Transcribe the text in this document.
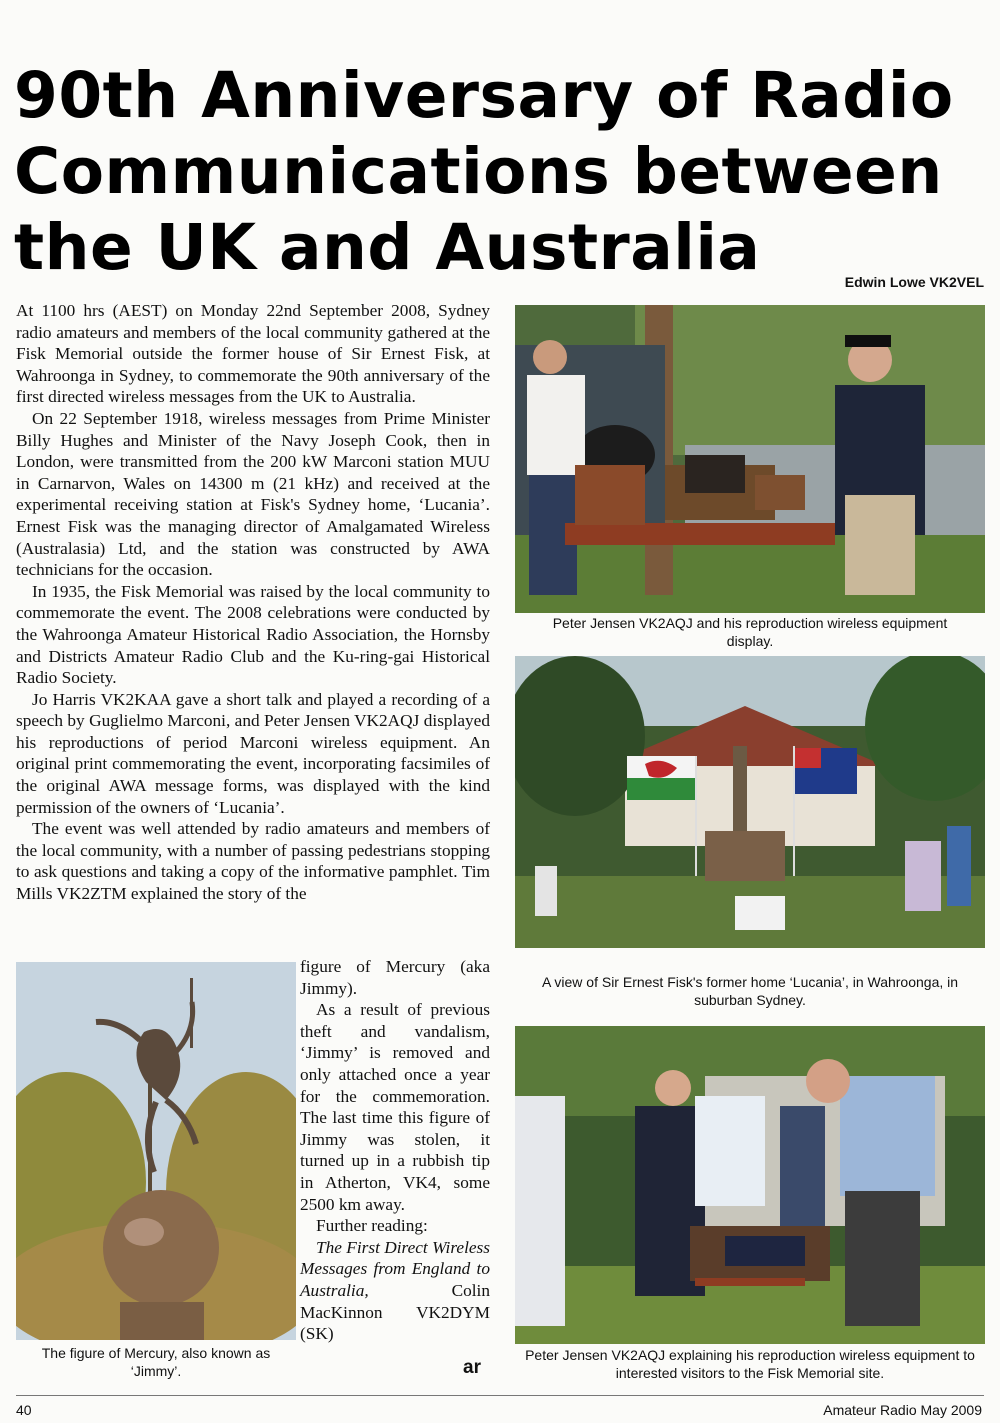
90th Anniversary of Radio Communications between the UK and Australia	Edwin Lowe VK2VEL

At 1100 hrs (AEST) on Monday 22nd September 2008, Sydney radio amateurs and members of the local community gathered at the Fisk Memorial outside the former house of Sir Ernest Fisk, at Wahroonga in Sydney, to commemorate the 90th anniversary of the first directed wireless messages from the UK to Australia.

On 22 September 1918, wireless messages from Prime Minister Billy Hughes and Minister of the Navy Joseph Cook, then in London, were transmitted from the 200 kW Marconi station MUU in Carnarvon, Wales on 14300 m (21 kHz) and received at the experimental receiving station at Fisk's Sydney home, ‘Lucania’. Ernest Fisk was the managing director of Amalgamated Wireless (Australasia) Ltd, and the station was constructed by AWA technicians for the occasion.

In 1935, the Fisk Memorial was raised by the local community to commemorate the event. The 2008 celebrations were conducted by the Wahroonga Amateur Historical Radio Association, the Hornsby and Districts Amateur Radio Club and the Ku-ring-gai Historical Radio Society.

Jo Harris VK2KAA gave a short talk and played a recording of a speech by Guglielmo Marconi, and Peter Jensen VK2AQJ displayed his reproductions of period Marconi wireless equipment. An original print commemorating the event, incorporating facsimiles of the original AWA message forms, was displayed with the kind permission of the owners of ‘Lucania’.

The event was well attended by radio amateurs and members of the local community, with a number of passing pedestrians stopping to ask questions and taking a copy of the informative pamphlet. Tim Mills VK2ZTM explained the story of the

Peter Jensen VK2AQJ and his reproduction wireless equipment display.
A view of Sir Ernest Fisk's former home ‘Lucania’, in Wahroonga, in suburban Sydney.
Peter Jensen VK2AQJ explaining his reproduction wireless equipment to interested visitors to the Fisk Memorial site.
The figure of Mercury, also known as ‘Jimmy’.

figure of Mercury (aka Jimmy).

As a result of previous theft and vandalism, ‘Jimmy’ is removed and only attached once a year for the commemoration. The last time this figure of Jimmy was stolen, it turned up in a rubbish tip in Atherton, VK4, some 2500 km away.

Further reading:

The First Direct Wireless Messages from England to Australia,	Colin MacKinnon VK2DYM (SK)

ar
40	Amateur Radio May 2009
